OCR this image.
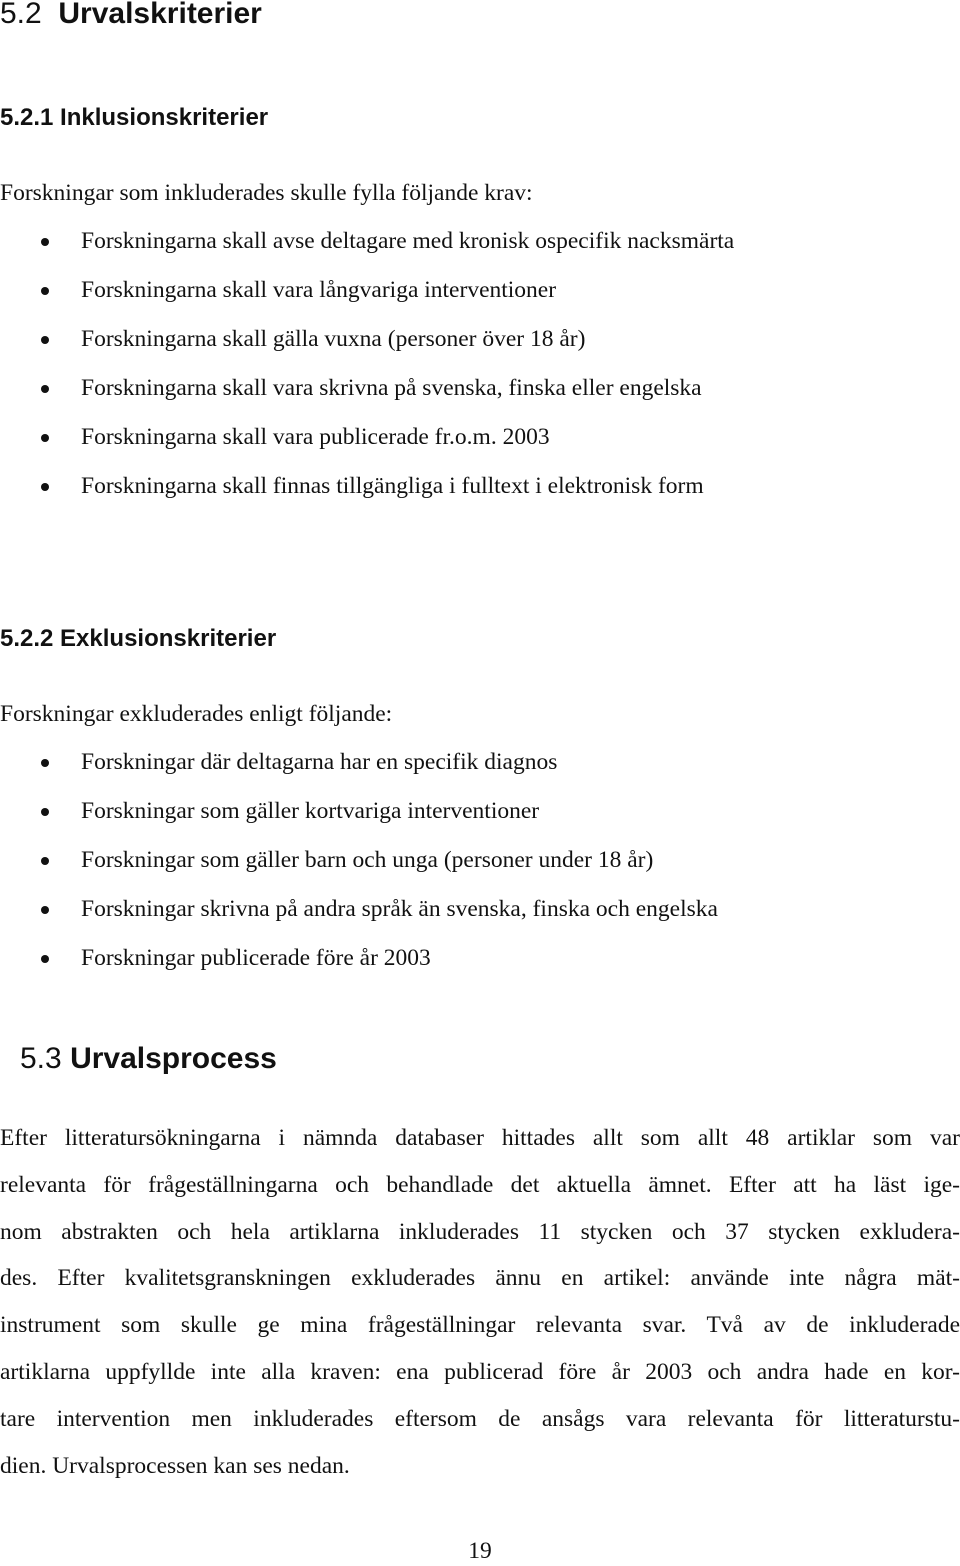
5.2 Urvalskriterier
5.2.1 Inklusionskriterier
Forskningar som inkluderades skulle fylla följande krav:
Forskningarna skall avse deltagare med kronisk ospecifik nacksmärta
Forskningarna skall vara långvariga interventioner
Forskningarna skall gälla vuxna (personer över 18 år)
Forskningarna skall vara skrivna på svenska, finska eller engelska
Forskningarna skall vara publicerade fr.o.m. 2003
Forskningarna skall finnas tillgängliga i fulltext i elektronisk form
5.2.2 Exklusionskriterier
Forskningar exkluderades enligt följande:
Forskningar där deltagarna har en specifik diagnos
Forskningar som gäller kortvariga interventioner
Forskningar som gäller barn och unga (personer under 18 år)
Forskningar skrivna på andra språk än svenska, finska och engelska
Forskningar publicerade före år 2003
5.3 Urvalsprocess
Efter litteratursökningarna i nämnda databaser hittades allt som allt 48 artiklar som var
relevanta för frågeställningarna och behandlade det aktuella ämnet. Efter att ha läst ige-
nom abstrakten och hela artiklarna inkluderades 11 stycken och 37 stycken exkludera-
des. Efter kvalitetsgranskningen exkluderades ännu en artikel: använde inte några mät-
instrument som skulle ge mina frågeställningar relevanta svar. Två av de inkluderade
artiklarna uppfyllde inte alla kraven: ena publicerad före år 2003 och andra hade en kor-
tare intervention men inkluderades eftersom de ansågs vara relevanta för litteraturstu-
dien. Urvalsprocessen kan ses nedan.
19
